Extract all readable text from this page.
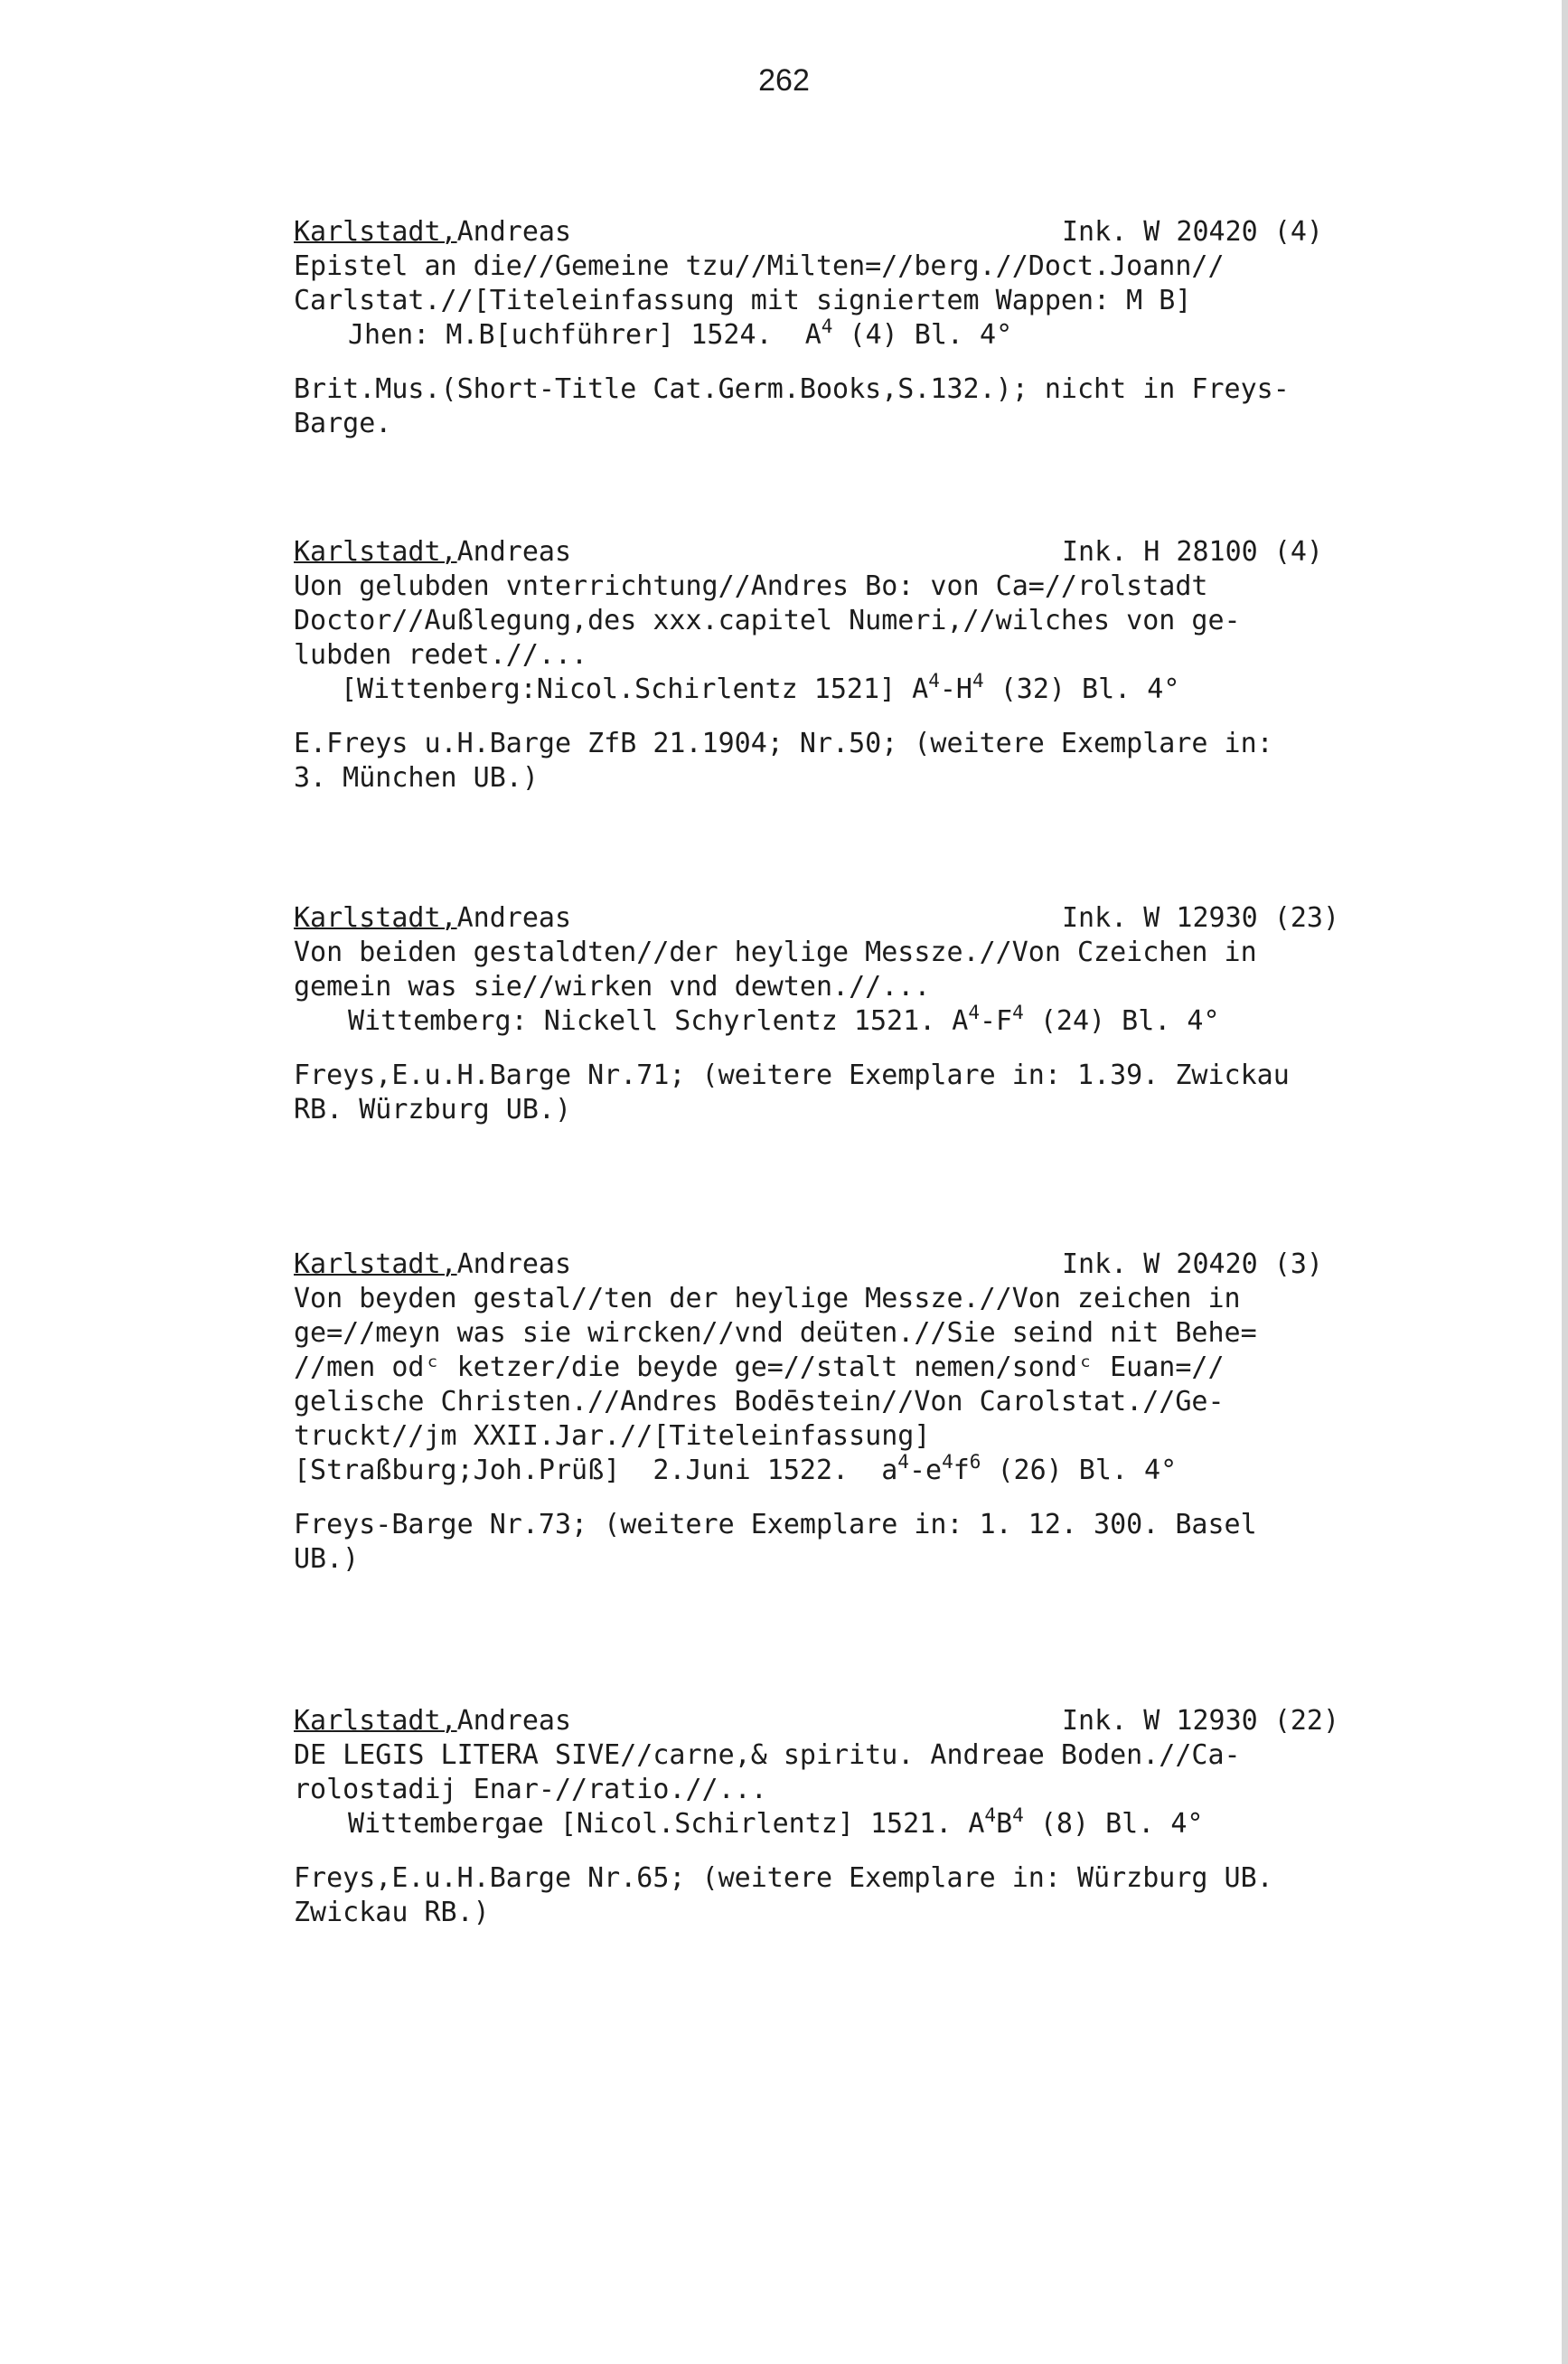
262
Karlstadt,Andreas	Ink. W 20420 (4)
Epistel an die//Gemeine tzu//Milten=//berg.//Doct.Joann//
Carlstat.//[Titeleinfassung mit signiertem Wappen: M B]
Jhen: M.B[uchführer] 1524.  $A^4$ (4) Bl. 4°
Brit.Mus.(Short-Title Cat.Germ.Books,S.132.); nicht in Freys-
Barge.
Karlstadt,Andreas	Ink. H 28100 (4)
Uon gelubden vnterrichtung//Andres Bo: von Ca=//rolstadt
Doctor//Außlegung,des xxx.capitel Numeri,//wilches von ge-
lubden redet.//...
[Wittenberg:Nicol.Schirlentz 1521] $A^4-H^4$ (32) Bl. 4°
E.Freys u.H.Barge ZfB 21.1904; Nr.50; (weitere Exemplare in:
3. München UB.)
Karlstadt,Andreas	Ink. W 12930 (23)
Von beiden gestaldten//der heylige Messze.//Von Czeichen in
gemein was sie//wirken vnd dewten.//...
Wittemberg: Nickell Schyrlentz 1521. $A^4-F^4$ (24) Bl. 4°
Freys,E.u.H.Barge Nr.71; (weitere Exemplare in: 1.39. Zwickau
RB. Würzburg UB.)
Karlstadt,Andreas	Ink. W 20420 (3)
Von beyden gestal//ten der heylige Messze.//Von zeichen in
ge=//meyn was sie wircken//vnd deüten.//Sie seind nit Behe=
//men odᶜ ketzer/die beyde ge=//stalt nemen/sondᶜ Euan=//
gelische Christen.//Andres Bodēstein//Von Carolstat.//Ge-
truckt//jm XXII.Jar.//[Titeleinfassung]
[Straßburg;Joh.Prüß]  2.Juni 1522.  $a^4-e^4f^6$ (26) Bl. 4°
Freys-Barge Nr.73; (weitere Exemplare in: 1. 12. 300. Basel
UB.)
Karlstadt,Andreas	Ink. W 12930 (22)
DE LEGIS LITERA SIVE//carne,& spiritu. Andreae Boden.//Ca-
rolostadij Enar-//ratio.//...
Wittembergae [Nicol.Schirlentz] 1521. $A^4B^4$ (8) Bl. 4°
Freys,E.u.H.Barge Nr.65; (weitere Exemplare in: Würzburg UB.
Zwickau RB.)
